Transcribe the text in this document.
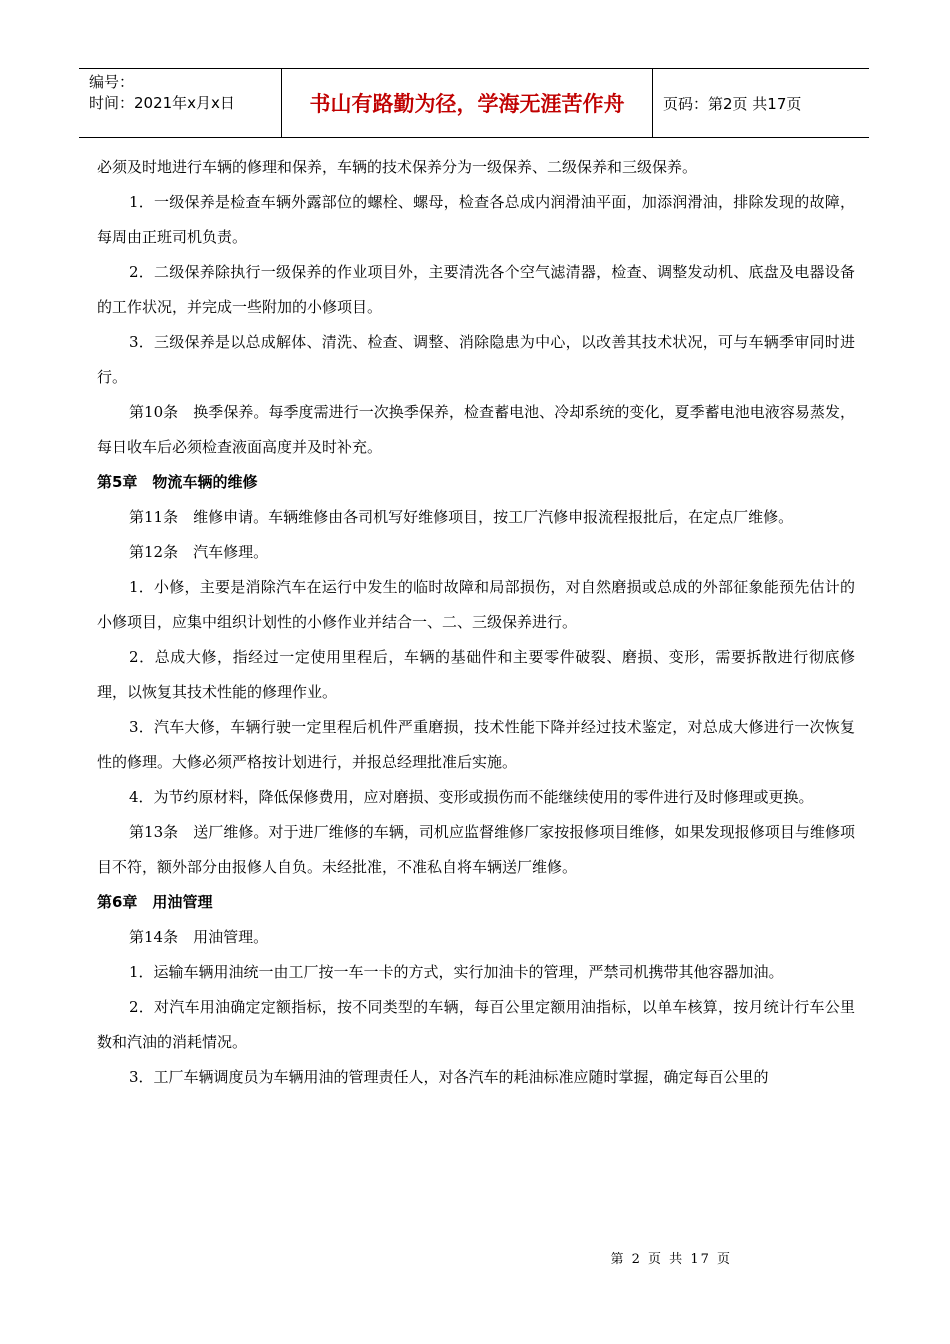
编号：
时间：2021年x月x日	书山有路勤为径，学海无涯苦作舟	页码：第2页 共17页

必须及时地进行车辆的修理和保养，车辆的技术保养分为一级保养、二级保养和三级保养。

1．一级保养是检查车辆外露部位的螺栓、螺母，检查各总成内润滑油平面，加添润滑油，排除发现的故障，每周由正班司机负责。

2．二级保养除执行一级保养的作业项目外，主要清洗各个空气滤清器，检查、调整发动机、底盘及电器设备的工作状况，并完成一些附加的小修项目。

3．三级保养是以总成解体、清洗、检查、调整、消除隐患为中心，以改善其技术状况，可与车辆季审同时进行。

第10条　换季保养。每季度需进行一次换季保养，检查蓄电池、冷却系统的变化，夏季蓄电池电液容易蒸发，每日收车后必须检查液面高度并及时补充。

第5章　物流车辆的维修

第11条　维修申请。车辆维修由各司机写好维修项目，按工厂汽修申报流程报批后，在定点厂维修。

第12条　汽车修理。

1．小修，主要是消除汽车在运行中发生的临时故障和局部损伤，对自然磨损或总成的外部征象能预先估计的小修项目，应集中组织计划性的小修作业并结合一、二、三级保养进行。

2．总成大修，指经过一定使用里程后，车辆的基础件和主要零件破裂、磨损、变形，需要拆散进行彻底修理，以恢复其技术性能的修理作业。

3．汽车大修，车辆行驶一定里程后机件严重磨损，技术性能下降并经过技术鉴定，对总成大修进行一次恢复性的修理。大修必须严格按计划进行，并报总经理批准后实施。

4．为节约原材料，降低保修费用，应对磨损、变形或损伤而不能继续使用的零件进行及时修理或更换。

第13条　送厂维修。对于进厂维修的车辆，司机应监督维修厂家按报修项目维修，如果发现报修项目与维修项目不符，额外部分由报修人自负。未经批准，不准私自将车辆送厂维修。

第6章　用油管理

第14条　用油管理。

1．运输车辆用油统一由工厂按一车一卡的方式，实行加油卡的管理，严禁司机携带其他容器加油。

2．对汽车用油确定定额指标，按不同类型的车辆，每百公里定额用油指标，以单车核算，按月统计行车公里数和汽油的消耗情况。

3．工厂车辆调度员为车辆用油的管理责任人，对各汽车的耗油标准应随时掌握，确定每百公里的

第 2 页 共 17 页
